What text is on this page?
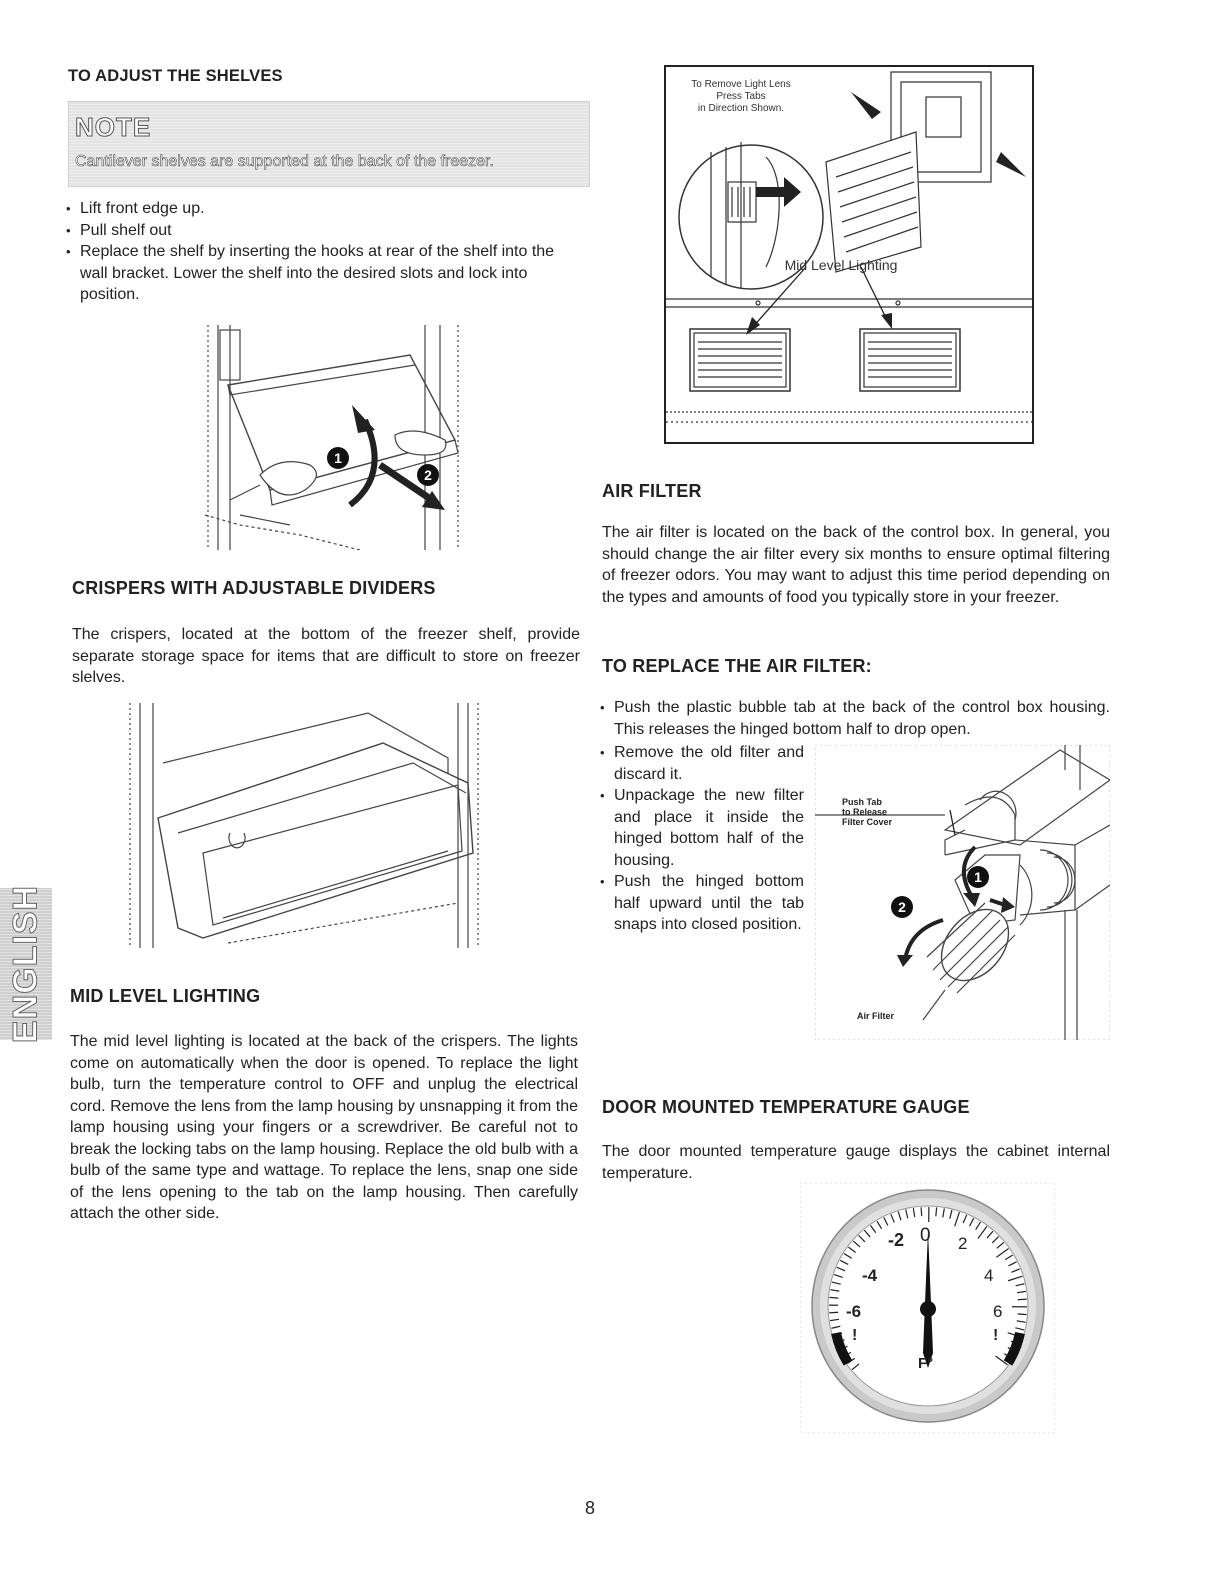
TO ADJUST THE SHELVES
NOTE
Cantilever shelves are supported at the back of the freezer.
• Lift front edge up.
• Pull shelf out
• Replace the shelf by inserting the hooks at rear of the shelf into the wall bracket. Lower the shelf into the desired slots and lock into position.
1
2
CRISPERS WITH ADJUSTABLE DIVIDERS

The crispers, located at the bottom of the freezer shelf, provide separate storage space for items that are difficult to store on freezer slelves.

ENGLISH MID LEVEL LIGHTING

The mid level lighting is located at the back of the crispers. The lights come on automatically when the door is opened. To replace the light bulb, turn the temperature control to OFF and unplug the electrical cord. Remove the lens from the lamp housing by unsnapping it from the lamp housing using your fingers or a screwdriver. Be careful not to break the locking tabs on the lamp housing. Replace the old bulb with a bulb of the same type and wattage. To replace the lens, snap one side of the lens opening to the tab on the lamp housing. Then carefully attach the other side.

To Remove Light Lens
Press Tabs
in Direction Shown.
Mid Level Lighting
AIR FILTER

The air filter is located on the back of the control box. In general, you should change the air filter every six months to ensure optimal filtering of freezer odors. You may want to adjust this time period depending on the types and amounts of food you typically store in your freezer.

TO REPLACE THE AIR FILTER:
• Push the plastic bubble tab at the back of the control box housing. This releases the hinged bottom half to drop open.
• Remove the old filter and discard it.
• Unpackage the new filter and place it inside the hinged bottom half of the housing.
• Push the hinged bottom half upward until the tab snaps into closed position.
Push Tab
to Release
Filter Cover
Air Filter
1
2
DOOR MOUNTED TEMPERATURE GAUGE

The door mounted temperature gauge displays the cabinet internal temperature.

-2 0 2
-4	4
-6	6
!	!
F°
8
